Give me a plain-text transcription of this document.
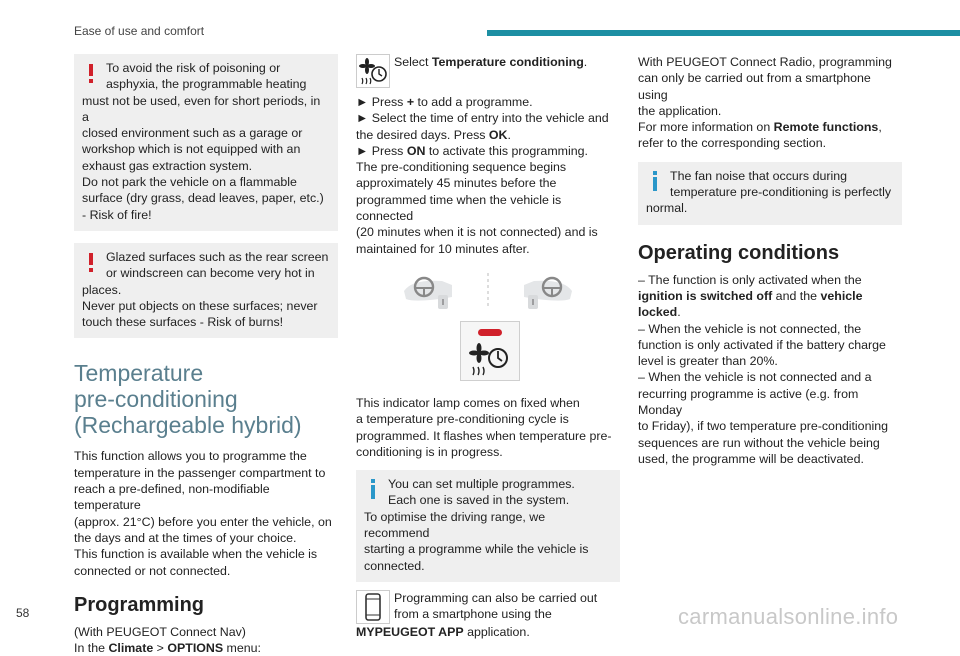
Ease of use and comfort

To avoid the risk of poisoning or

asphyxia, the programmable heating

must not be used, even for short periods, in a

closed environment such as a garage or

workshop which is not equipped with an

exhaust gas extraction system.

Do not park the vehicle on a flammable

surface (dry grass, dead leaves, paper, etc.)

- Risk of fire!

Glazed surfaces such as the rear screen

or windscreen can become very hot in

places.

Never put objects on these surfaces; never

touch these surfaces - Risk of burns!

Temperature
pre-conditioning
(Rechargeable hybrid)

This function allows you to programme the

temperature in the passenger compartment to

reach a pre-defined, non-modifiable temperature

(approx. 21°C) before you enter the vehicle, on

the days and at the times of your choice.

This function is available when the vehicle is

connected or not connected.

Programming

(With PEUGEOT Connect Nav)

In the Climate > OPTIONS menu:

Select Temperature conditioning.

► Press + to add a programme.

► Select the time of entry into the vehicle and

the desired days. Press OK.

► Press ON to activate this programming.

The pre-conditioning sequence begins

approximately 45 minutes before the

programmed time when the vehicle is connected

(20 minutes when it is not connected) and is

maintained for 10 minutes after.

This indicator lamp comes on fixed when

a temperature pre-conditioning cycle is

programmed. It flashes when temperature pre-

conditioning is in progress.

You can set multiple programmes.

Each one is saved in the system.

To optimise the driving range, we recommend

starting a programme while the vehicle is

connected.

Programming can also be carried out

from a smartphone using the

MYPEUGEOT APP application.

With PEUGEOT Connect Radio, programming

can only be carried out from a smartphone using

the application.

For more information on Remote functions,

refer to the corresponding section.

The fan noise that occurs during

temperature pre-conditioning is perfectly

normal.

Operating conditions

– The function is only activated when the

ignition is switched off and the vehicle

locked.

– When the vehicle is not connected, the

function is only activated if the battery charge

level is greater than 20%.

– When the vehicle is not connected and a

recurring programme is active (e.g. from Monday

to Friday), if two temperature pre-conditioning

sequences are run without the vehicle being

used, the programme will be deactivated.

58	carmanualsonline.info
